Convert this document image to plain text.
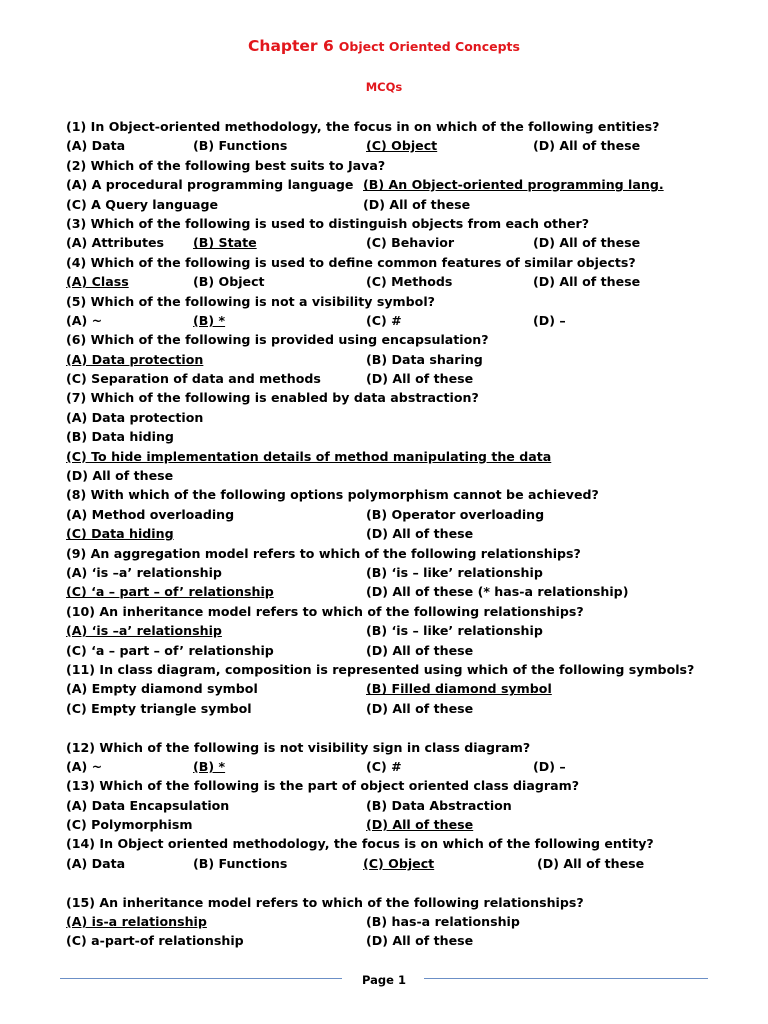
Chapter 6 Object Oriented Concepts
MCQs
(1) In Object-oriented methodology, the focus in on which of the following entities?
(A) Data	(B) Functions	(C) Object	(D) All of these
(2) Which of the following best suits to Java?
(A) A procedural programming language (B) An Object-oriented programming lang.
(C) A Query language	(D) All of these
(3) Which of the following is used to distinguish objects from each other?
(A) Attributes (B) State	(C) Behavior	(D) All of these
(4) Which of the following is used to define common features of similar objects?
(A) Class	(B) Object	(C) Methods	(D) All of these
(5) Which of the following is not a visibility symbol?
(A) ~	(B) *	(C) #	(D) –
(6) Which of the following is provided using encapsulation?
(A) Data protection	(B) Data sharing
(C) Separation of data and methods	(D) All of these
(7) Which of the following is enabled by data abstraction?
(A) Data protection
(B) Data hiding
(C) To hide implementation details of method manipulating the data
(D) All of these
(8) With which of the following options polymorphism cannot be achieved?
(A) Method overloading	(B) Operator overloading
(C) Data hiding	(D) All of these
(9) An aggregation model refers to which of the following relationships?
(A) ‘is –a’ relationship	(B) ‘is – like’ relationship
(C) ‘a – part – of’ relationship	(D) All of these (* has-a relationship)
(10) An inheritance model refers to which of the following relationships?
(A) ‘is –a’ relationship	(B) ‘is – like’ relationship
(C) ‘a – part – of’ relationship	(D) All of these
(11) In class diagram, composition is represented using which of the following symbols?
(A) Empty diamond symbol	(B) Filled diamond symbol
(C) Empty triangle symbol	(D) All of these
(12) Which of the following is not visibility sign in class diagram?
(A) ~	(B) *	(C) #	(D) –
(13) Which of the following is the part of object oriented class diagram?
(A) Data Encapsulation	(B) Data Abstraction
(C) Polymorphism	(D) All of these
(14) In Object oriented methodology, the focus is on which of the following entity?
(A) Data	(B) Functions	(C) Object	(D) All of these
(15) An inheritance model refers to which of the following relationships?
(A) is-a relationship	(B) has-a relationship
(C) a-part-of relationship	(D) All of these
Page 1
